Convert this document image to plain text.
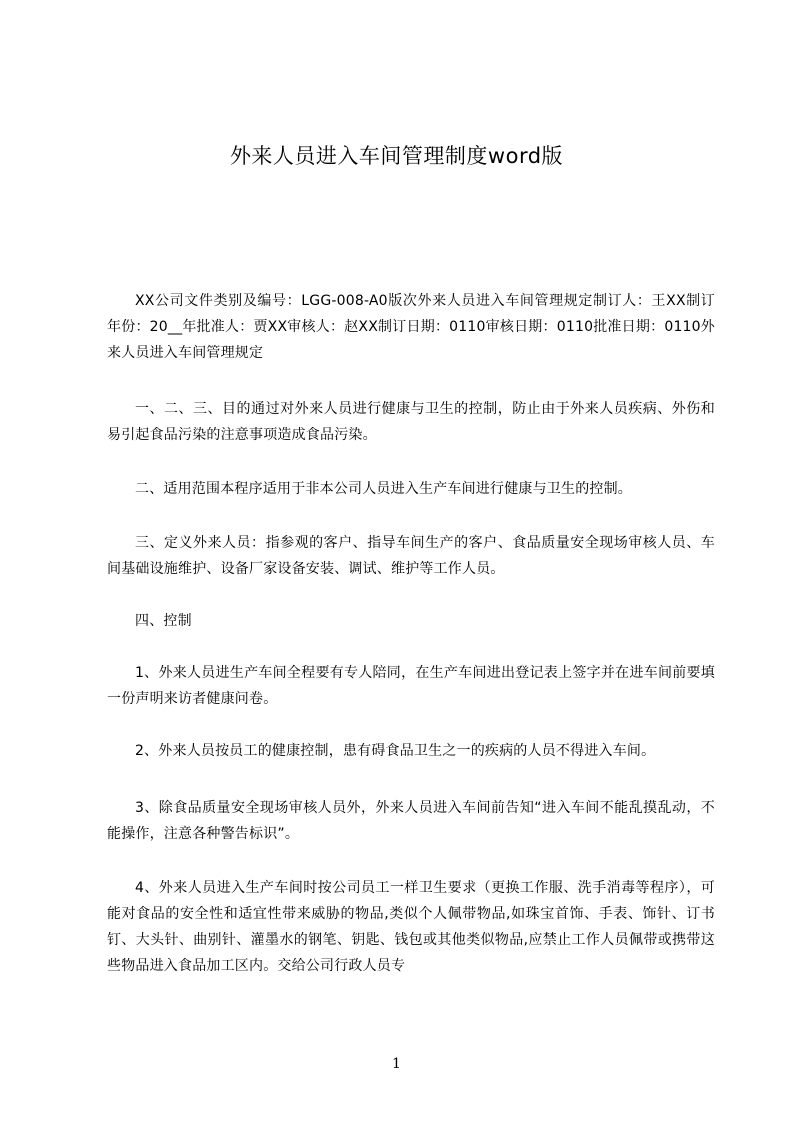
外来人员进入车间管理制度word版

XX公司文件类别及编号：LGG-008-A0版次外来人员进入车间管理规定制订人：王XX制订年份：20__年批准人：贾XX审核人：赵XX制订日期：0110审核日期：0110批准日期：0110外来人员进入车间管理规定

一、二、三、目的通过对外来人员进行健康与卫生的控制，防止由于外来人员疾病、外伤和易引起食品污染的注意事项造成食品污染。

二、适用范围本程序适用于非本公司人员进入生产车间进行健康与卫生的控制。

三、定义外来人员：指参观的客户、指导车间生产的客户、食品质量安全现场审核人员、车间基础设施维护、设备厂家设备安装、调试、维护等工作人员。

四、控制

1、外来人员进生产车间全程要有专人陪同，在生产车间进出登记表上签字并在进车间前要填一份声明来访者健康问卷。

2、外来人员按员工的健康控制，患有碍食品卫生之一的疾病的人员不得进入车间。

3、除食品质量安全现场审核人员外，外来人员进入车间前告知“进入车间不能乱摸乱动，不能操作，注意各种警告标识”。

4、外来人员进入生产车间时按公司员工一样卫生要求（更换工作服、洗手消毒等程序），可能对食品的安全性和适宜性带来威胁的物品,类似个人佩带物品,如珠宝首饰、手表、饰针、订书钉、大头针、曲别针、灌墨水的钢笔、钥匙、钱包或其他类似物品,应禁止工作人员佩带或携带这些物品进入食品加工区内。交给公司行政人员专

1
